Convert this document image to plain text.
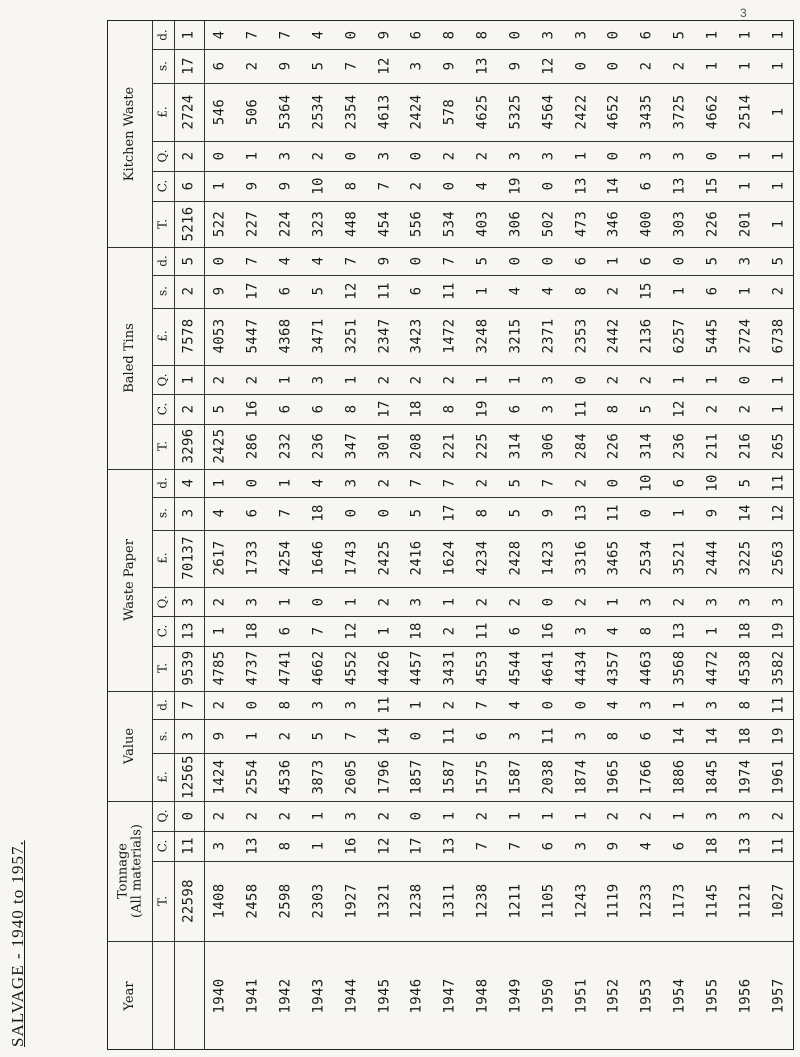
3
SALVAGE - 1940 to 1957.
Kitchen Waste
Baled Tins
Waste Paper
Value
Tonnage
(All materials)
d.
s.
£.
Q.
C.
T.
d.
s.
£.
Q.
C.
T.
d.
s.
£.
Q.
C.
T.
d.
s.
£.
Q.
C.
T.
1
17
2724
2
6
5216
5
2
7578
1
2
3296
4
3
70137
3
13
9539
7
3
12565
0
11
22598
Year	1940
4
6
546
0
1
522
0
9
4053
2
5
2425
1
4
2617
2
1
4785
2
9
1424
2
3
1408
1941
7
2
506
1
9
227
7
17
5447
2
16
286
0
6
1733
3
18
4737
0
1
2554
2
13
2458
1942
7
9
5364
3
9
224
4
6
4368
1
6
232
1
7
4254
1
6
4741
8
2
4536
2
8
2598
1943
4
5
2534
2
10
323
4
5
3471
3
6
236
4
18
1646
0
7
4662
3
5
3873
1
1
2303
1944
0
7
2354
0
8
448
7
12
3251
1
8
347
3
0
1743
1
12
4552
3
7
2605
3
16
1927
1945
9
12
4613
3
7
454
9
11
2347
2
17
301
2
0
2425
2
1
4426
11
14
1796
2
12
1321
1946
6
3
2424
0
2
556
0
6
3423
2
18
208
7
5
2416
3
18
4457
1
0
1857
0
17
1238
1947
8
9
578
2
0
534
7
11
1472
2
8
221
7
17
1624
1
2
3431
2
11
1587
1
13
1311
1948
8
13
4625
2
4
403
5
1
3248
1
19
225
2
8
4234
2
11
4553
7
6
1575
2
7
1238
1949
0
9
5325
3
19
306
0
4
3215
1
6
314
5
5
2428
2
6
4544
4
3
1587
1
7
1211
1950
3
12
4564
3
0
502
0
4
2371
3
3
306
7
9
1423
0
16
4641
0
11
2038
1
6
1105
1951
3
0
2422
1
13
473
6
8
2353
0
11
284
2
13
3316
2
3
4434
0
3
1874
1
3
1243
1952
0
0
4652
0
14
346
1
2
2442
2
8
226
0
11
3465
1
4
4357
4
8
1965
2
9
1119
1953
6
2
3435
3
6
400
6
15
2136
2
5
314
10
0
2534
3
8
4463
3
6
1766
2
4
1233
1954
5
2
3725
3
13
303
0
1
6257
1
12
236
6
1
3521
2
13
3568
1
14
1886
1
6
1173
1955
1
1
4662
0
15
226
5
6
5445
1
2
211
10
9
2444
3
1
4472
3
14
1845
3
18
1145
1956
1
1
2514
1
1
201
3
1
2724
0
2
216
5
14
3225
3
18
4538
8
18
1974
3
13
1121
1957
1
1
1
1
1
1
5
2
6738
1
1
265
11
12
2563
3
19
3582
11
19
1961
2
11
1027
